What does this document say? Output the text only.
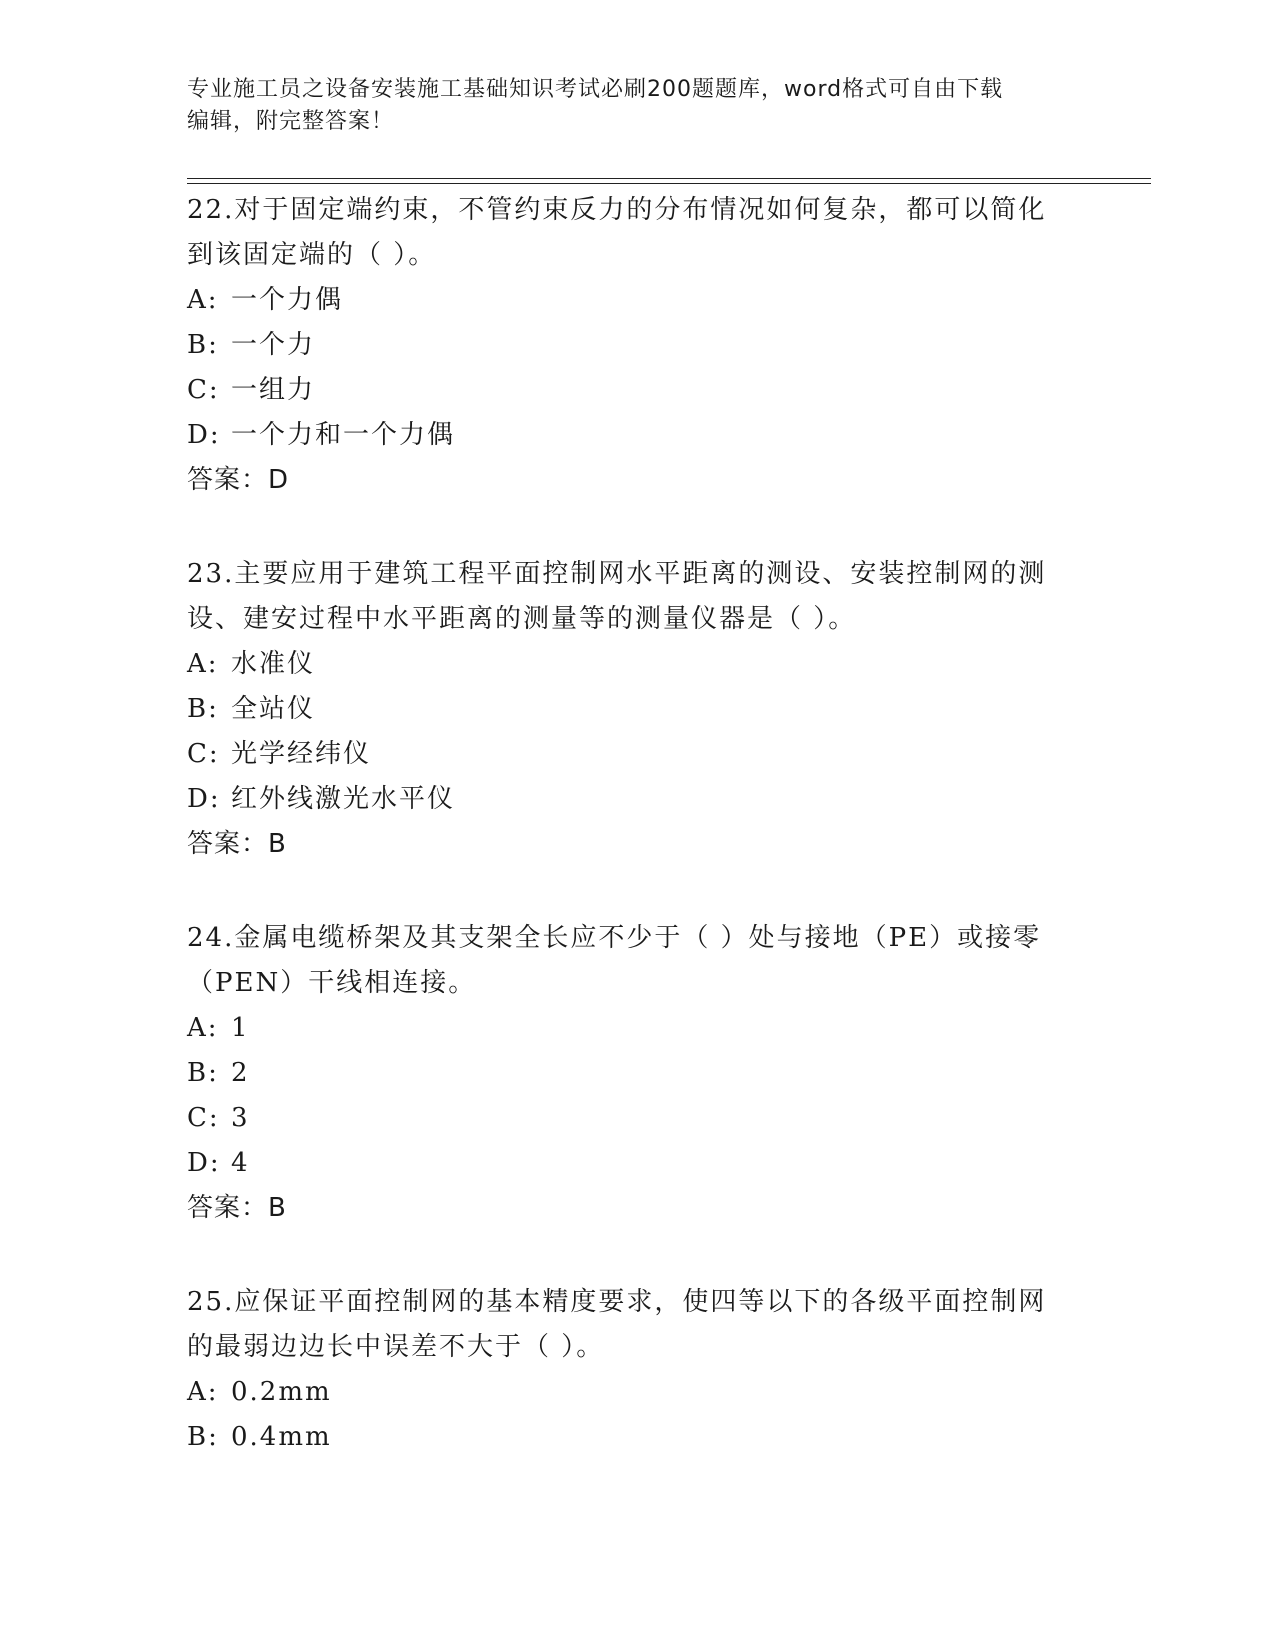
专业施工员之设备安装施工基础知识考试必刷200题题库，word格式可自由下载
编辑，附完整答案！
22.对于固定端约束，不管约束反力的分布情况如何复杂，都可以简化
到该固定端的（ ）。
A: 一个力偶
B: 一个力
C: 一组力
D: 一个力和一个力偶
答案：D
23.主要应用于建筑工程平面控制网水平距离的测设、安装控制网的测
设、建安过程中水平距离的测量等的测量仪器是（ ）。
A: 水准仪
B: 全站仪
C: 光学经纬仪
D: 红外线激光水平仪
答案：B
24.金属电缆桥架及其支架全长应不少于（ ）处与接地（PE）或接零
（PEN）干线相连接。
A: 1
B: 2
C: 3
D: 4
答案：B
25.应保证平面控制网的基本精度要求，使四等以下的各级平面控制网
的最弱边边长中误差不大于（ ）。
A: 0.2mm
B: 0.4mm
